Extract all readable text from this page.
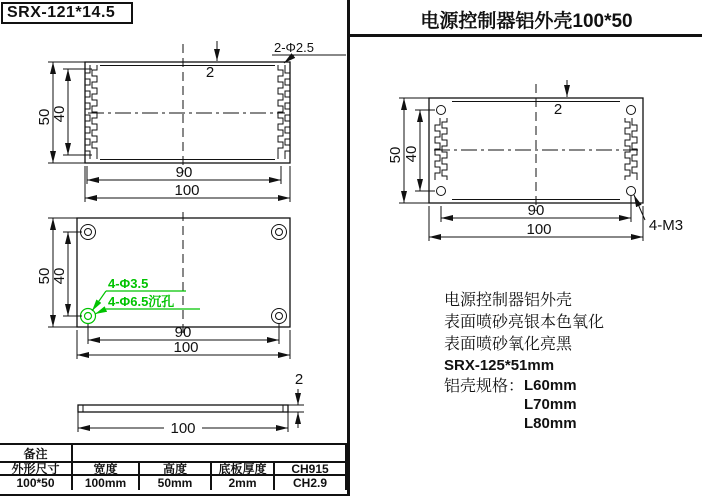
SRX-121*14.5
50
40
90
100
2
2-Φ2.5
4-Φ3.5
4-Φ6.5沉孔
50
40
90
100
100
2
备注
外形尺寸	宽度	高度	底板厚度	CH915
100*50	100mm	50mm	2mm	CH2.9
电源控制器铝外壳100*50
50 40
90
100
2
4-M3
电源控制器铝外壳
表面喷砂亮银本色氧化
表面喷砂氧化亮黑
SRX-125*51mm
铝壳规格： L60mm
L70mm
L80mm
